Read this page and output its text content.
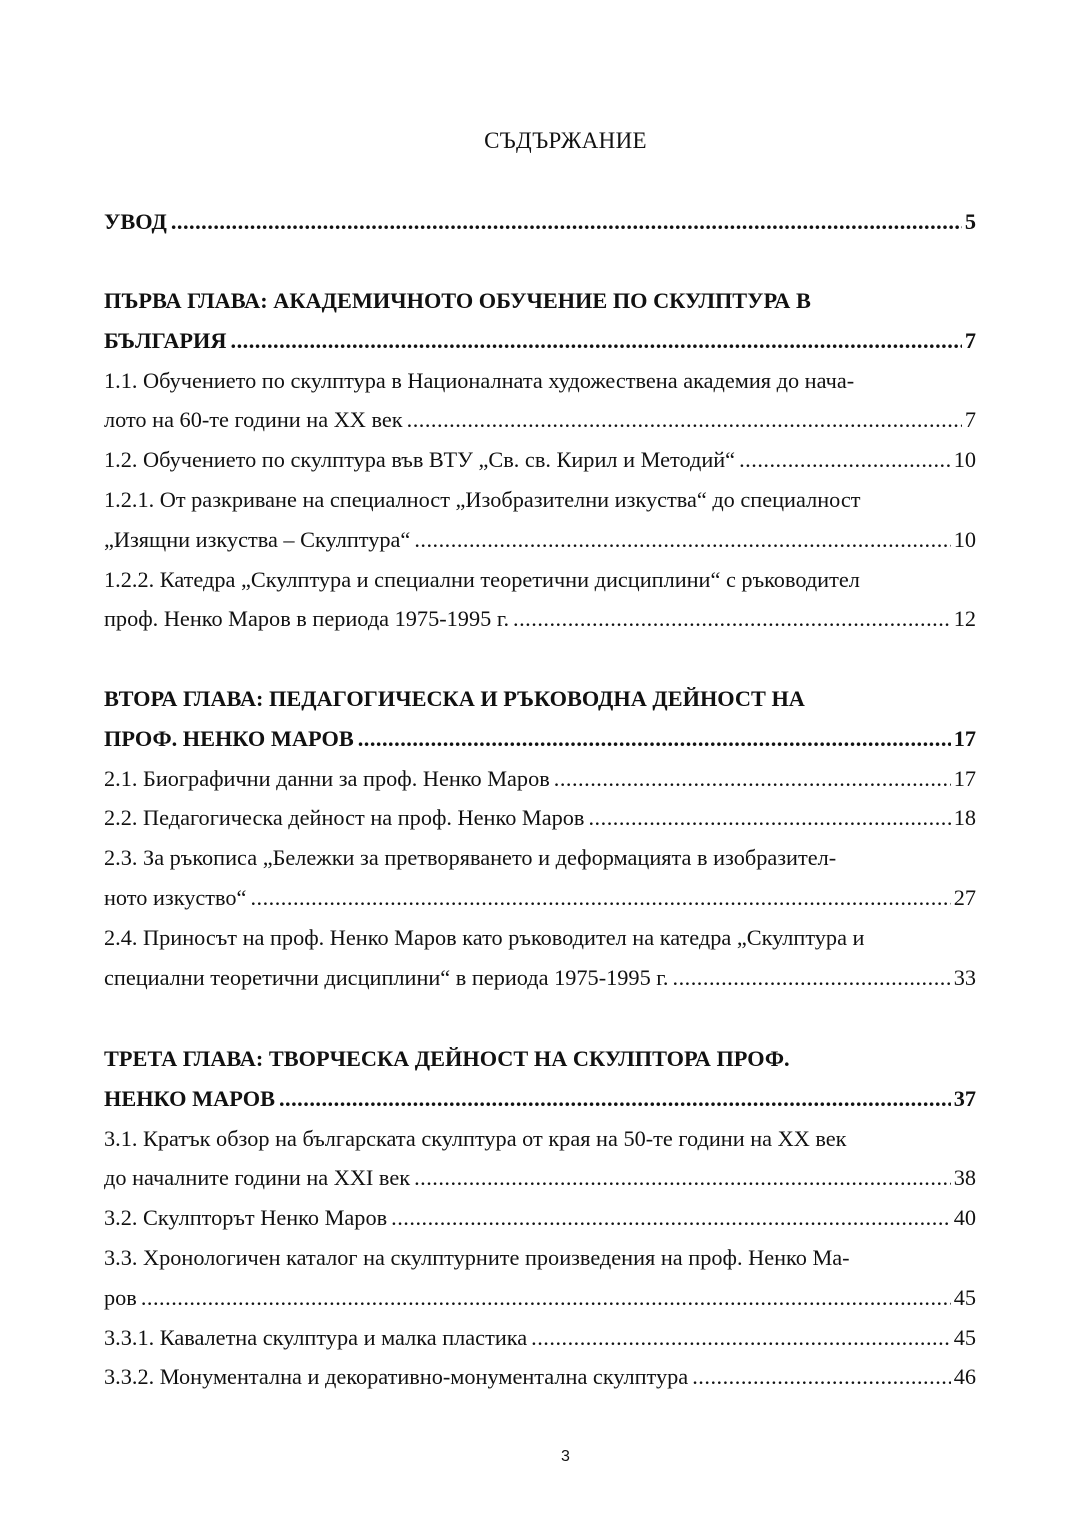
СЪДЪРЖАНИЕ
УВОД .....	5
ПЪРВА ГЛАВА: АКАДЕМИЧНОТО ОБУЧЕНИЕ ПО СКУЛПТУРА В
БЪЛГАРИЯ .....	7
1.1. Обучението по скулптура в Националната художествена академия до нача-
лото на 60-те години на XX век .....	7
1.2. Обучението по скулптура във ВТУ „Св. св. Кирил и Методий“ .....	10
1.2.1. От разкриване на специалност „Изобразителни изкуства“ до специалност
„Изящни изкуства – Скулптура“ .....	10
1.2.2. Катедра „Скулптура и специални теоретични дисциплини“ с ръководител
проф. Ненко Маров в периода 1975-1995 г. .....	12
ВТОРА ГЛАВА: ПЕДАГОГИЧЕСКА И РЪКОВОДНА ДЕЙНОСТ НА
ПРОФ. НЕНКО МАРОВ .....	17
2.1. Биографични данни за проф. Ненко Маров .....	17
2.2. Педагогическа дейност на проф. Ненко Маров .....	18
2.3. За ръкописа „Бележки за претворяването и деформацията в изобразител-
ното изкуство“ .....	27
2.4. Приносът на проф. Ненко Маров като ръководител на катедра „Скулптура и
специални теоретични дисциплини“ в периода 1975-1995 г. .....	33
ТРЕТА ГЛАВА: ТВОРЧЕСКА ДЕЙНОСТ НА СКУЛПТОРА ПРОФ.
НЕНКО МАРОВ .....	37
3.1. Кратък обзор на българската скулптура от края на 50-те години на XX век
до началните години на XXI век .....	38
3.2. Скулпторът Ненко Маров .....	40
3.3. Хронологичен каталог на скулптурните произведения на проф. Ненко Ма-
ров .....	45
3.3.1. Кавалетна скулптура и малка пластика .....	45
3.3.2. Монументална и декоративно-монументална скулптура .....	46
3
